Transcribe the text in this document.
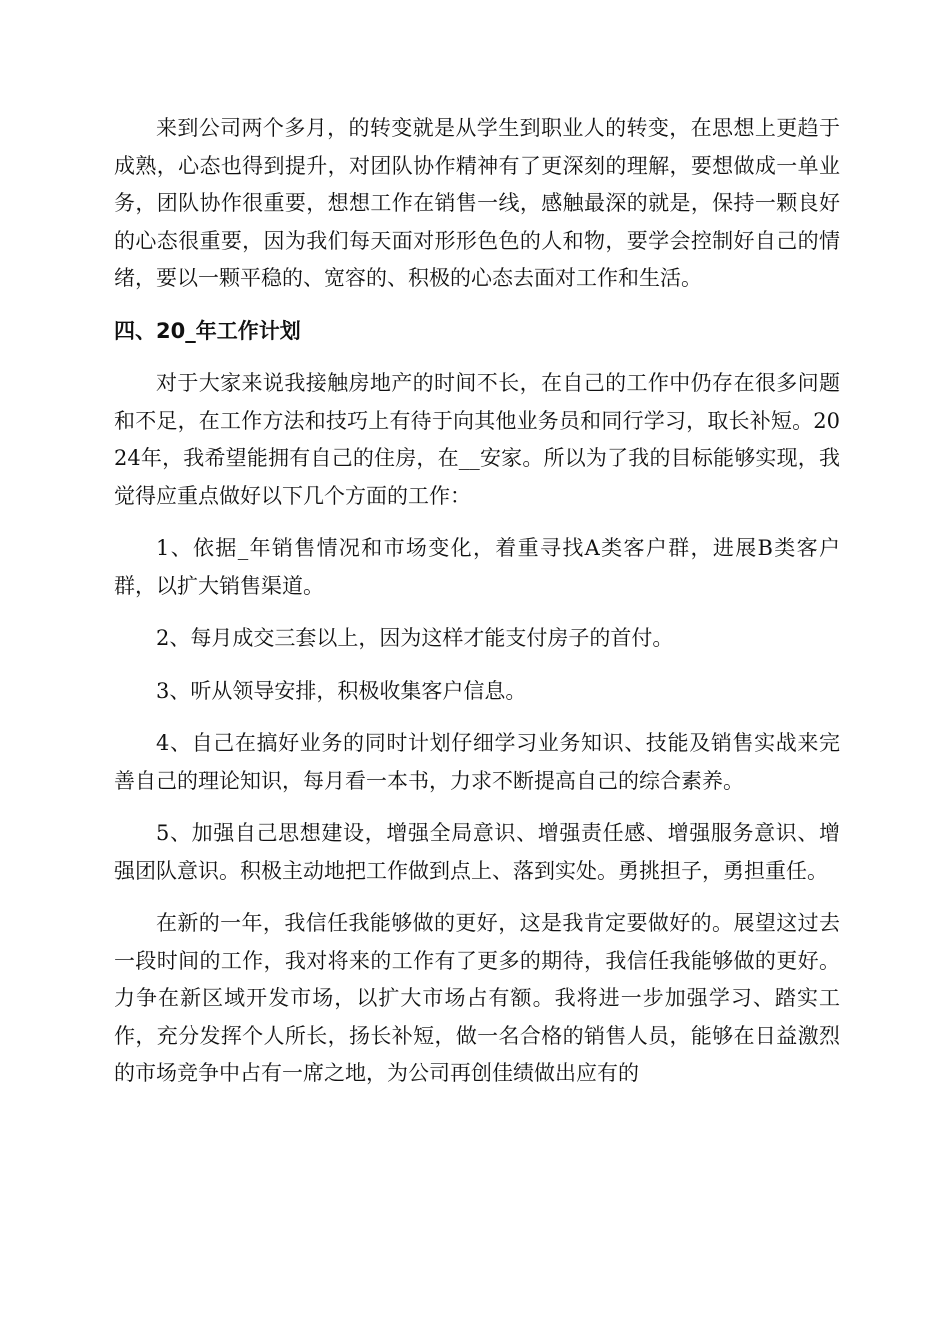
来到公司两个多月，的转变就是从学生到职业人的转变，在思想上更趋于成熟，心态也得到提升，对团队协作精神有了更深刻的理解，要想做成一单业务，团队协作很重要，想想工作在销售一线，感触最深的就是，保持一颗良好的心态很重要，因为我们每天面对形形色色的人和物，要学会控制好自己的情绪，要以一颗平稳的、宽容的、积极的心态去面对工作和生活。

四、20_年工作计划

对于大家来说我接触房地产的时间不长，在自己的工作中仍存在很多问题和不足，在工作方法和技巧上有待于向其他业务员和同行学习，取长补短。2024年，我希望能拥有自己的住房，在__安家。所以为了我的目标能够实现，我觉得应重点做好以下几个方面的工作：

1、依据_年销售情况和市场变化，着重寻找A类客户群，进展B类客户群，以扩大销售渠道。

2、每月成交三套以上，因为这样才能支付房子的首付。

3、听从领导安排，积极收集客户信息。

4、自己在搞好业务的同时计划仔细学习业务知识、技能及销售实战来完善自己的理论知识，每月看一本书，力求不断提高自己的综合素养。

5、加强自己思想建设，增强全局意识、增强责任感、增强服务意识、增强团队意识。积极主动地把工作做到点上、落到实处。勇挑担子，勇担重任。

在新的一年，我信任我能够做的更好，这是我肯定要做好的。展望这过去一段时间的工作，我对将来的工作有了更多的期待，我信任我能够做的更好。力争在新区域开发市场，以扩大市场占有额。我将进一步加强学习、踏实工作，充分发挥个人所长，扬长补短，做一名合格的销售人员，能够在日益激烈的市场竞争中占有一席之地，为公司再创佳绩做出应有的
